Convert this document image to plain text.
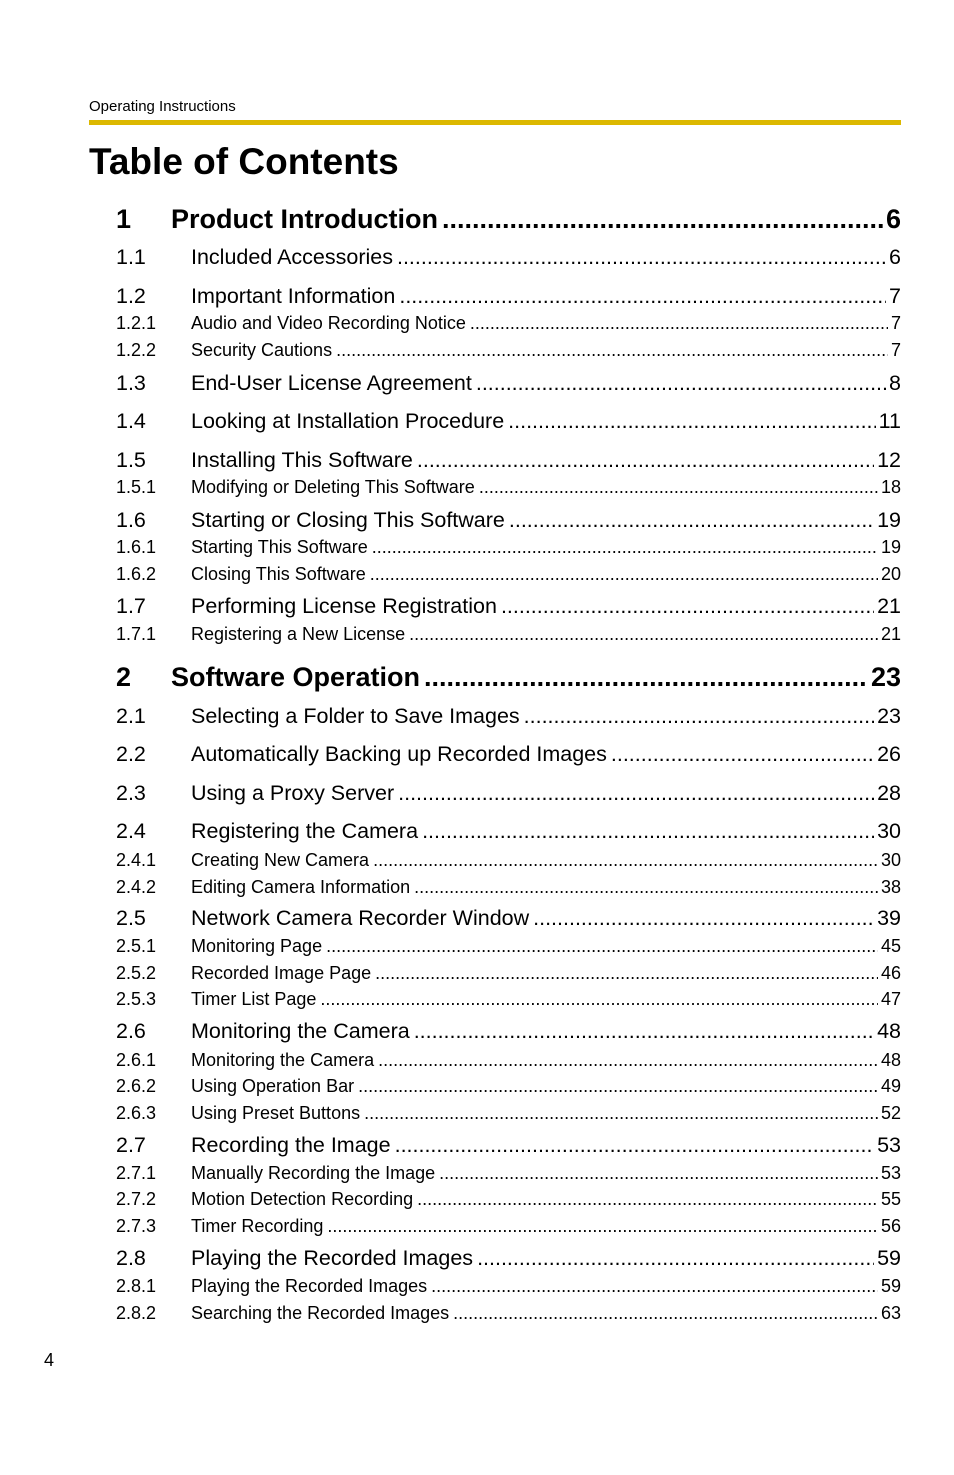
Operating Instructions
Table of Contents
1	Product Introduction .....	6
1.1	Included Accessories .....	6
1.2	Important Information .....	7
1.2.1	Audio and Video Recording Notice .....	7
1.2.2	Security Cautions .....	7
1.3	End-User License Agreement .....	8
1.4	Looking at Installation Procedure .....	11
1.5	Installing This Software .....	12
1.5.1	Modifying or Deleting This Software .....	18
1.6	Starting or Closing This Software .....	19
1.6.1	Starting This Software .....	19
1.6.2	Closing This Software .....	20
1.7	Performing License Registration .....	21
1.7.1	Registering a New License .....	21
2	Software Operation .....	23
2.1	Selecting a Folder to Save Images .....	23
2.2	Automatically Backing up Recorded Images .....	26
2.3	Using a Proxy Server .....	28
2.4	Registering the Camera .....	30
2.4.1	Creating New Camera .....	30
2.4.2	Editing Camera Information .....	38
2.5	Network Camera Recorder Window .....	39
2.5.1	Monitoring Page .....	45
2.5.2	Recorded Image Page .....	46
2.5.3	Timer List Page .....	47
2.6	Monitoring the Camera .....	48
2.6.1	Monitoring the Camera .....	48
2.6.2	Using Operation Bar .....	49
2.6.3	Using Preset Buttons .....	52
2.7	Recording the Image .....	53
2.7.1	Manually Recording the Image .....	53
2.7.2	Motion Detection Recording .....	55
2.7.3	Timer Recording .....	56
2.8	Playing the Recorded Images .....	59
2.8.1	Playing the Recorded Images .....	59
2.8.2	Searching the Recorded Images .....	63
4
